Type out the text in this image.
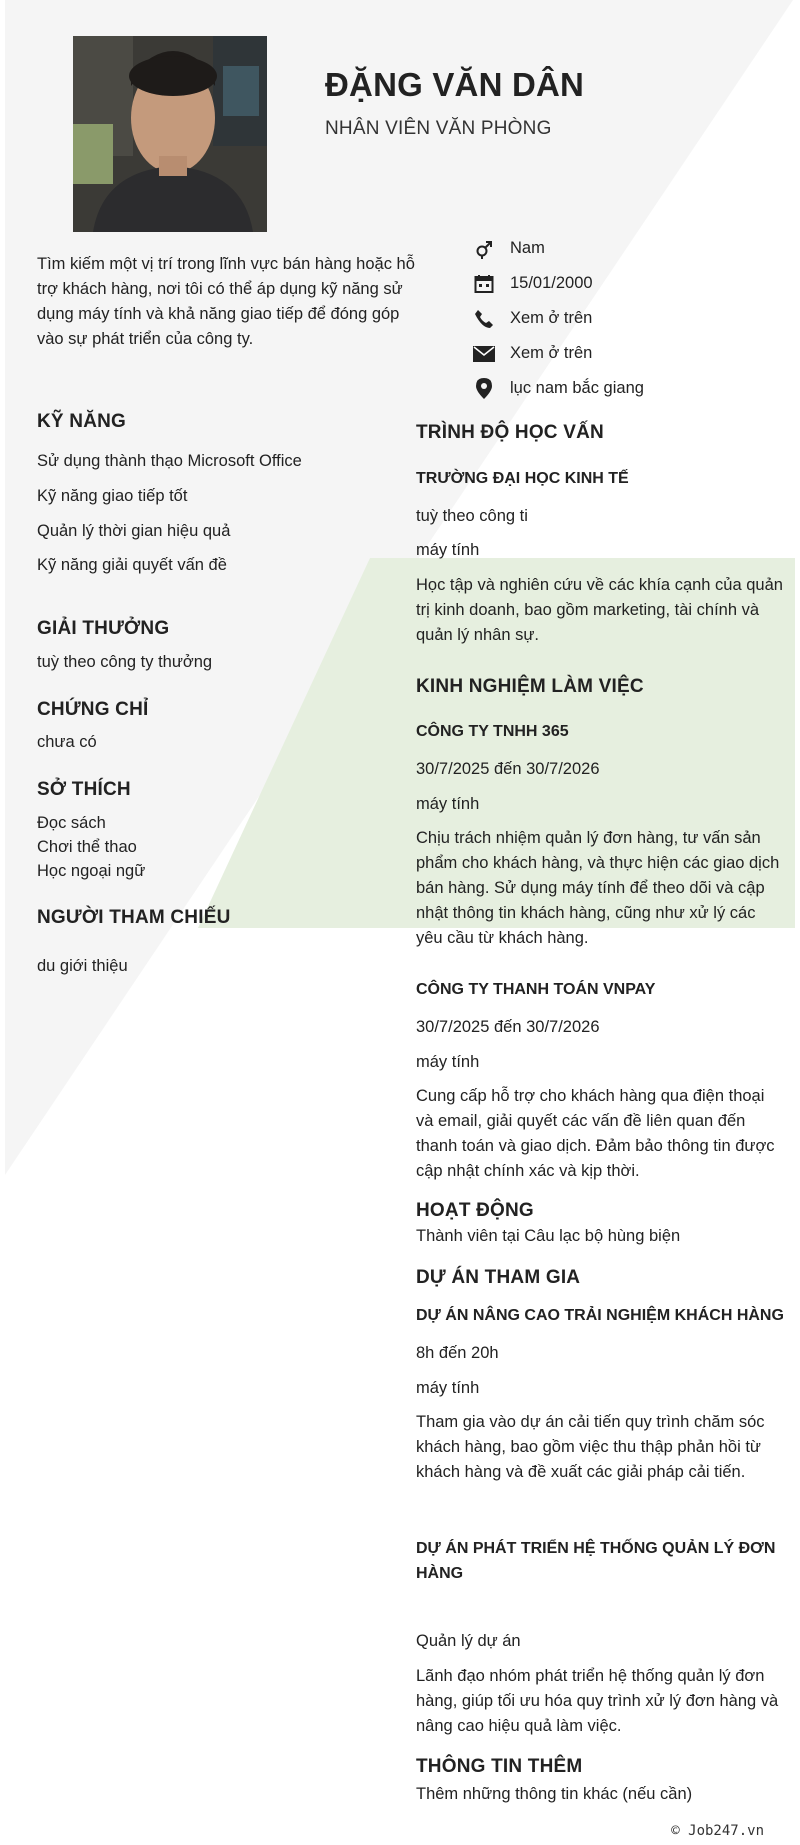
ĐẶNG VĂN DÂN
NHÂN VIÊN VĂN PHÒNG
Tìm kiếm một vị trí trong lĩnh vực bán hàng hoặc hỗ trợ khách hàng, nơi tôi có thể áp dụng kỹ năng sử dụng máy tính và khả năng giao tiếp để đóng góp vào sự phát triển của công ty.
Nam
15/01/2000
Xem ở trên
Xem ở trên
lục nam bắc giang
KỸ NĂNG
Sử dụng thành thạo Microsoft Office
Kỹ năng giao tiếp tốt
Quản lý thời gian hiệu quả
Kỹ năng giải quyết vấn đề
GIẢI THƯỞNG
tuỳ theo công ty thưởng
CHỨNG CHỈ
chưa có
SỞ THÍCH
Đọc sách
Chơi thể thao
Học ngoại ngữ
NGƯỜI THAM CHIẾU
du giới thiệu
TRÌNH ĐỘ HỌC VẤN
TRƯỜNG ĐẠI HỌC KINH TẾ
tuỳ theo công ti
máy tính
Học tập và nghiên cứu về các khía cạnh của quản trị kinh doanh, bao gồm marketing, tài chính và quản lý nhân sự.
KINH NGHIỆM LÀM VIỆC
CÔNG TY TNHH 365
30/7/2025 đến 30/7/2026
máy tính
Chịu trách nhiệm quản lý đơn hàng, tư vấn sản phẩm cho khách hàng, và thực hiện các giao dịch bán hàng. Sử dụng máy tính để theo dõi và cập nhật thông tin khách hàng, cũng như xử lý các yêu cầu từ khách hàng.
CÔNG TY THANH TOÁN VNPAY
30/7/2025 đến 30/7/2026
máy tính
Cung cấp hỗ trợ cho khách hàng qua điện thoại và email, giải quyết các vấn đề liên quan đến thanh toán và giao dịch. Đảm bảo thông tin được cập nhật chính xác và kịp thời.
HOẠT ĐỘNG
Thành viên tại Câu lạc bộ hùng biện
DỰ ÁN THAM GIA
DỰ ÁN NÂNG CAO TRẢI NGHIỆM KHÁCH HÀNG
8h đến 20h
máy tính
Tham gia vào dự án cải tiến quy trình chăm sóc khách hàng, bao gồm việc thu thập phản hồi từ khách hàng và đề xuất các giải pháp cải tiến.
DỰ ÁN PHÁT TRIỂN HỆ THỐNG QUẢN LÝ ĐƠN HÀNG
Quản lý dự án
Lãnh đạo nhóm phát triển hệ thống quản lý đơn hàng, giúp tối ưu hóa quy trình xử lý đơn hàng và nâng cao hiệu quả làm việc.
THÔNG TIN THÊM
Thêm những thông tin khác (nếu cần)
© Job247.vn
